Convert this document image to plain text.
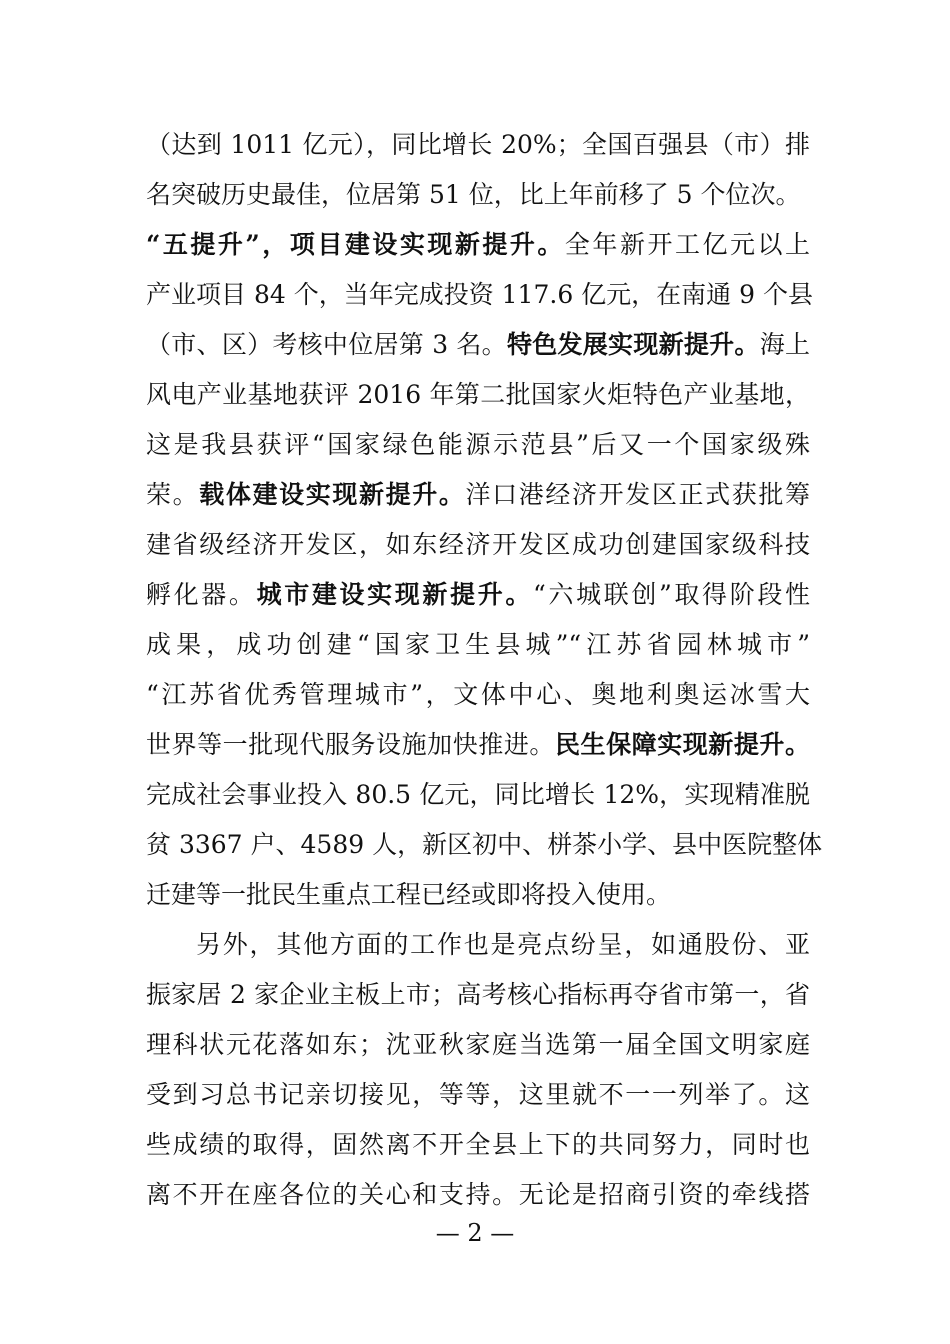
（达到 1011 亿元），同比增长 20%；全国百强县（市）排
名突破历史最佳，位居第 51 位，比上年前移了 5 个位次。
“五提升”，项目建设实现新提升。全年新开工亿元以上
产业项目 84 个，当年完成投资 117.6 亿元，在南通 9 个县
（市、区）考核中位居第 3 名。特色发展实现新提升。海上
风电产业基地获评 2016 年第二批国家火炬特色产业基地，
这是我县获评“国家绿色能源示范县”后又一个国家级殊
荣。载体建设实现新提升。洋口港经济开发区正式获批筹
建省级经济开发区，如东经济开发区成功创建国家级科技
孵化器。城市建设实现新提升。“六城联创”取得阶段性
成果，成功创建“国家卫生县城”“江苏省园林城市”
“江苏省优秀管理城市”，文体中心、奥地利奥运冰雪大
世界等一批现代服务设施加快推进。民生保障实现新提升。
完成社会事业投入 80.5 亿元，同比增长 12%，实现精准脱
贫 3367 户、4589 人，新区初中、栟茶小学、县中医院整体
迁建等一批民生重点工程已经或即将投入使用。
另外，其他方面的工作也是亮点纷呈，如通股份、亚
振家居 2 家企业主板上市；高考核心指标再夺省市第一，省
理科状元花落如东；沈亚秋家庭当选第一届全国文明家庭
受到习总书记亲切接见，等等，这里就不一一列举了。这
些成绩的取得，固然离不开全县上下的共同努力，同时也
离不开在座各位的关心和支持。无论是招商引资的牵线搭
— 2 —
